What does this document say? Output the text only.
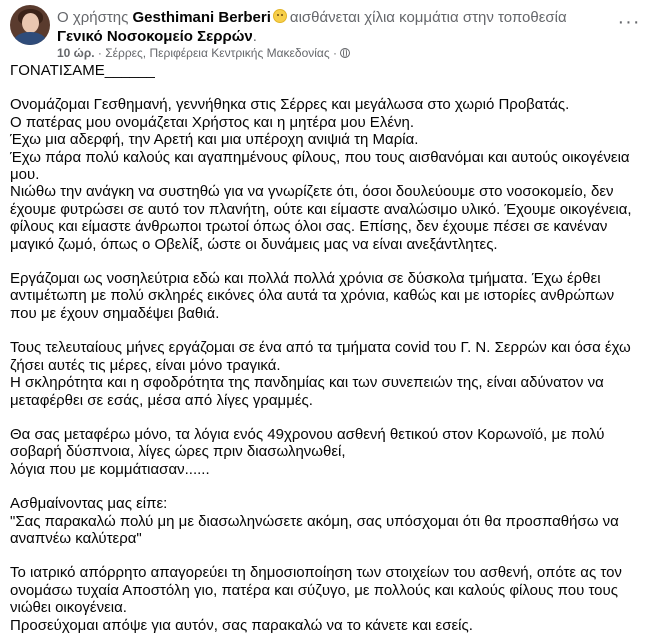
Ο χρήστης Gesthimani Berberi αισθάνεται χίλια κομμάτια στην τοποθεσία
Γενικό Νοσοκομείο Σερρών.
10 ώρ. · Σέρρες, Περιφέρεια Κεντρικής Μακεδονίας ·
···

ΓΟΝΑΤΙΣΑΜΕ______

Ονομάζομαι Γεσθημανή, γεννήθηκα στις Σέρρες και μεγάλωσα στο χωριό Προβατάς.

Ο πατέρας μου ονομάζεται Χρήστος και η μητέρα μου Ελένη.

Έχω μια αδερφή, την Αρετή και μια υπέροχη ανιψιά τη Μαρία.

Έχω πάρα πολύ καλούς και αγαπημένους φίλους, που τους αισθανόμαι και αυτούς οικογένεια μου.

Νιώθω την ανάγκη να συστηθώ για να γνωρίζετε ότι, όσοι δουλεύουμε στο νοσοκομείο, δεν έχουμε φυτρώσει σε αυτό τον πλανήτη, ούτε και είμαστε αναλώσιμο υλικό. Έχουμε οικογένεια, φίλους και είμαστε άνθρωποι τρωτοί όπως όλοι σας. Επίσης, δεν έχουμε πέσει σε κανέναν μαγικό ζωμό, όπως ο Οβελίξ, ώστε οι δυνάμεις μας να είναι ανεξάντλητες.

Εργάζομαι ως νοσηλεύτρια εδώ και πολλά πολλά χρόνια σε δύσκολα τμήματα. Έχω έρθει αντιμέτωπη με πολύ σκληρές εικόνες όλα αυτά τα χρόνια, καθώς και με ιστορίες ανθρώπων που με έχουν σημαδέψει βαθιά.

Τους τελευταίους μήνες εργάζομαι σε ένα από τα τμήματα covid του Γ. Ν. Σερρών και όσα έχω ζήσει αυτές τις μέρες, είναι μόνο τραγικά.

Η σκληρότητα και η σφοδρότητα της πανδημίας και των συνεπειών της, είναι αδύνατον να μεταφέρθει σε εσάς, μέσα από λίγες γραμμές.

Θα σας μεταφέρω μόνο, τα λόγια ενός 49χρονου ασθενή θετικού στον Κορωνοϊό, με πολύ σοβαρή δύσπνοια, λίγες ώρες πριν διασωληνωθεί,

λόγια που με κομμάτιασαν......

Ασθμαίνοντας μας είπε:

"Σας παρακαλώ πολύ μη με διασωληνώσετε ακόμη, σας υπόσχομαι ότι θα προσπαθήσω να αναπνέω καλύτερα"

Το ιατρικό απόρρητο απαγορεύει τη δημοσιοποίηση των στοιχείων του ασθενή, οπότε ας τον ονομάσω τυχαία Αποστόλη γιο, πατέρα και σύζυγο, με πολλούς και καλούς φίλους που τους νιώθει οικογένεια.

Προσεύχομαι απόψε για αυτόν, σας παρακαλώ να το κάνετε και εσείς.
